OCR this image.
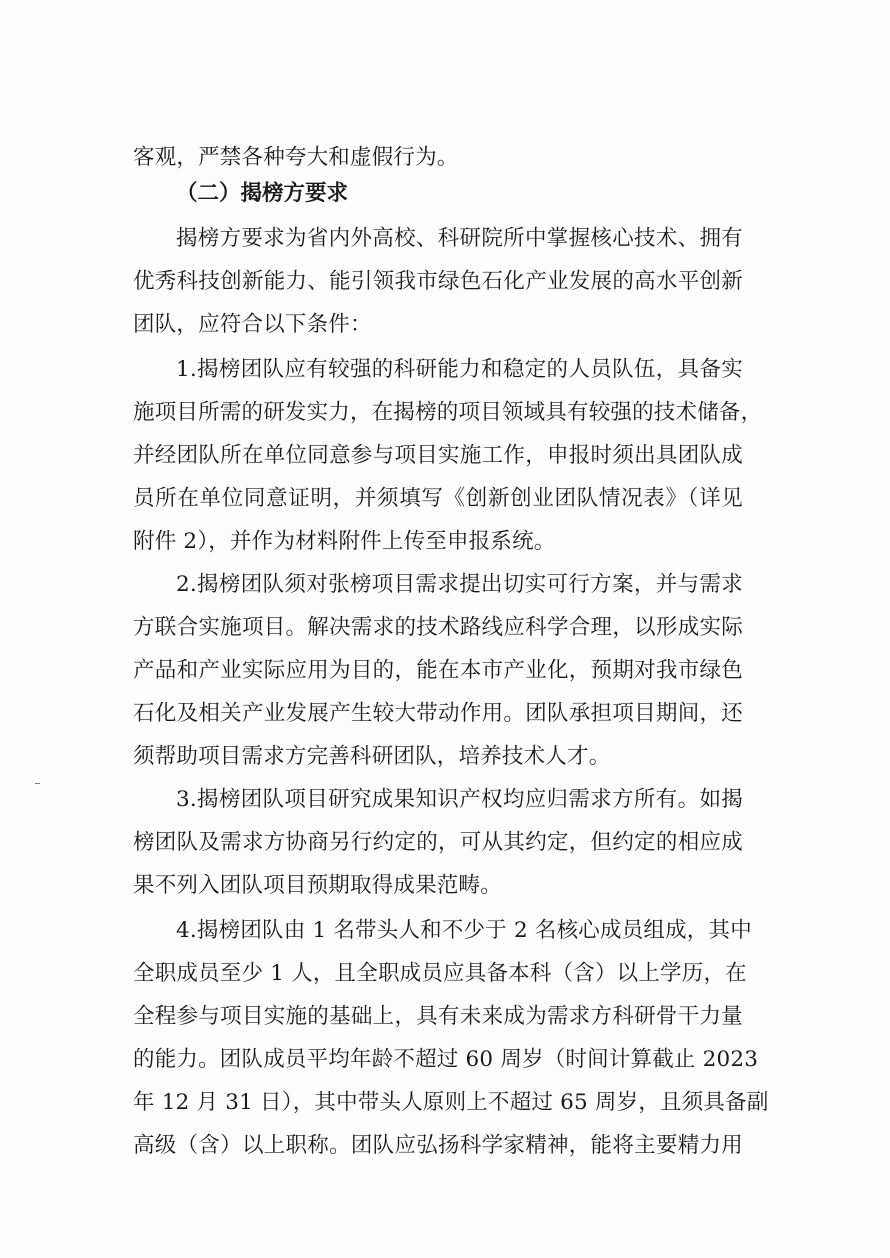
客观，严禁各种夸大和虚假行为。
（二）揭榜方要求
揭榜方要求为省内外高校、科研院所中掌握核心技术、拥有
优秀科技创新能力、能引领我市绿色石化产业发展的高水平创新
团队，应符合以下条件：
1.揭榜团队应有较强的科研能力和稳定的人员队伍，具备实
施项目所需的研发实力，在揭榜的项目领域具有较强的技术储备，
并经团队所在单位同意参与项目实施工作，申报时须出具团队成
员所在单位同意证明，并须填写《创新创业团队情况表》（详见
附件 2），并作为材料附件上传至申报系统。
2.揭榜团队须对张榜项目需求提出切实可行方案，并与需求
方联合实施项目。解决需求的技术路线应科学合理，以形成实际
产品和产业实际应用为目的，能在本市产业化，预期对我市绿色
石化及相关产业发展产生较大带动作用。团队承担项目期间，还
须帮助项目需求方完善科研团队，培养技术人才。
3.揭榜团队项目研究成果知识产权均应归需求方所有。如揭
榜团队及需求方协商另行约定的，可从其约定，但约定的相应成
果不列入团队项目预期取得成果范畴。
4.揭榜团队由 1 名带头人和不少于 2 名核心成员组成，其中
全职成员至少 1 人，且全职成员应具备本科（含）以上学历，在
全程参与项目实施的基础上，具有未来成为需求方科研骨干力量
的能力。团队成员平均年龄不超过 60 周岁（时间计算截止 2023
年 12 月 31 日），其中带头人原则上不超过 65 周岁，且须具备副
高级（含）以上职称。团队应弘扬科学家精神，能将主要精力用
